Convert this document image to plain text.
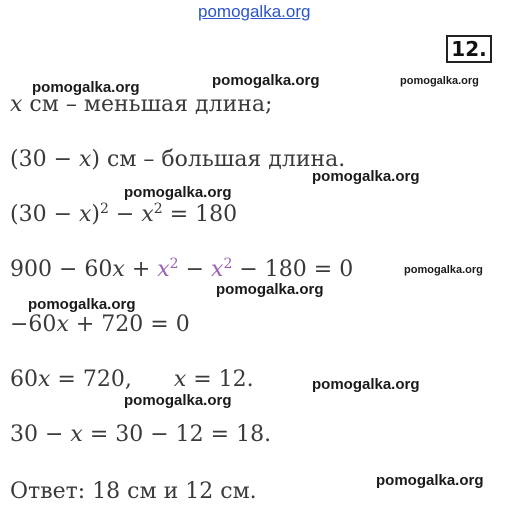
pomogalka.org
pomogalka.org	pomogalka.org	pomogalka.org
pomogalka.org
pomogalka.org
pomogalka.org
pomogalka.org
pomogalka.org
pomogalka.org
pomogalka.org
pomogalka.org
12.
x см – меньшая длина;
(30 − x) см – большая длина.
$(30 - x)^2 - x^2 = 180$
$900 - 60x + x^2 - x^2 - 180 = 0$
−60x + 720 = 0
60x = 720, x = 12.
30 − x = 30 − 12 = 18.
Ответ: 18 см и 12 см.
